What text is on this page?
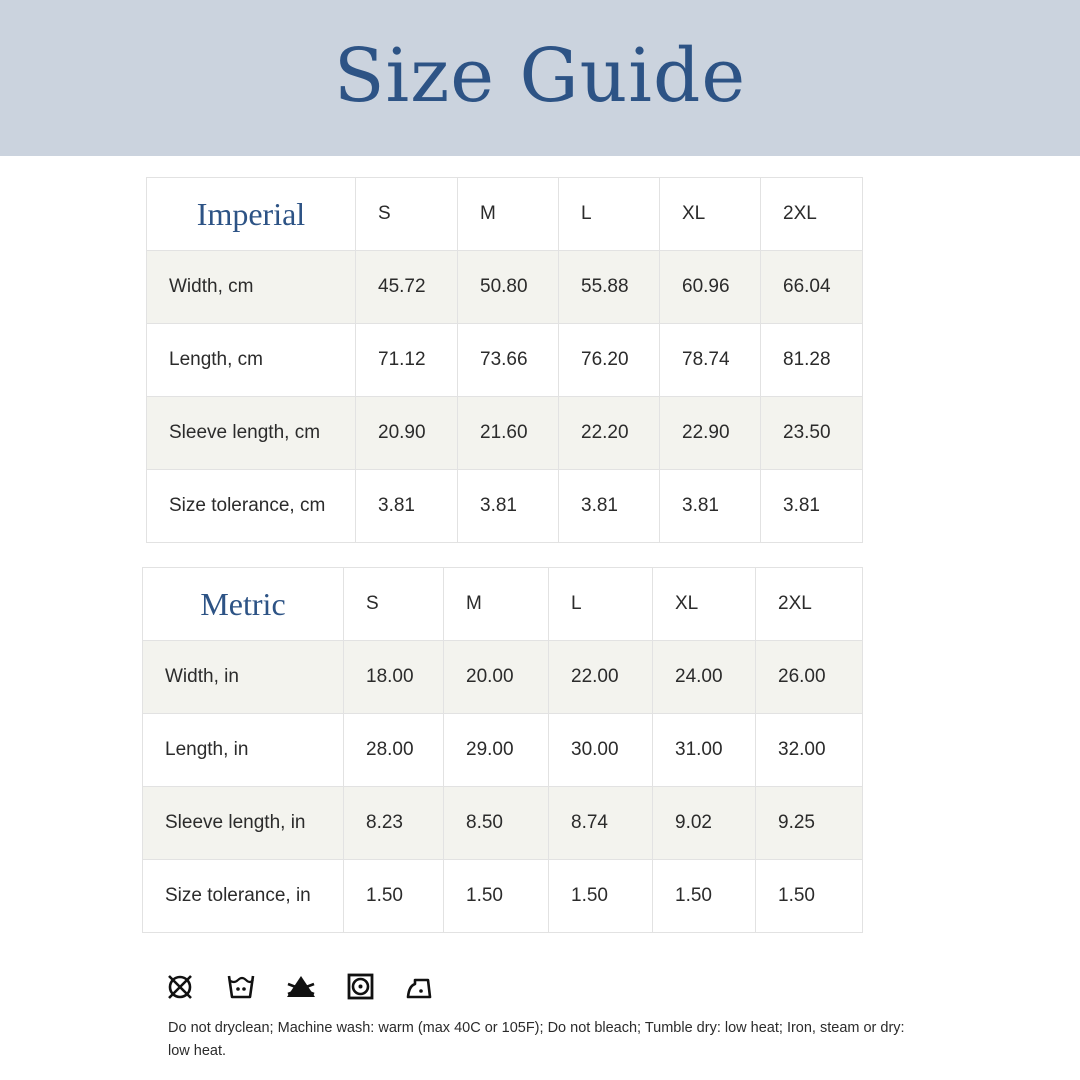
Size Guide
Imperial	S	M	L	XL	2XL
Width, cm	45.72	50.80	55.88	60.96	66.04
Length, cm	71.12	73.66	76.20	78.74	81.28
Sleeve length, cm	20.90	21.60	22.20	22.90	23.50
Size tolerance, cm	3.81	3.81	3.81	3.81	3.81
Metric	S	M	L	XL	2XL
Width, in	18.00	20.00	22.00	24.00	26.00
Length, in	28.00	29.00	30.00	31.00	32.00
Sleeve length, in	8.23	8.50	8.74	9.02	9.25
Size tolerance, in	1.50	1.50	1.50	1.50	1.50
Do not dryclean; Machine wash: warm (max 40C or 105F); Do not bleach; Tumble dry: low heat; Iron, steam or dry: low heat.
